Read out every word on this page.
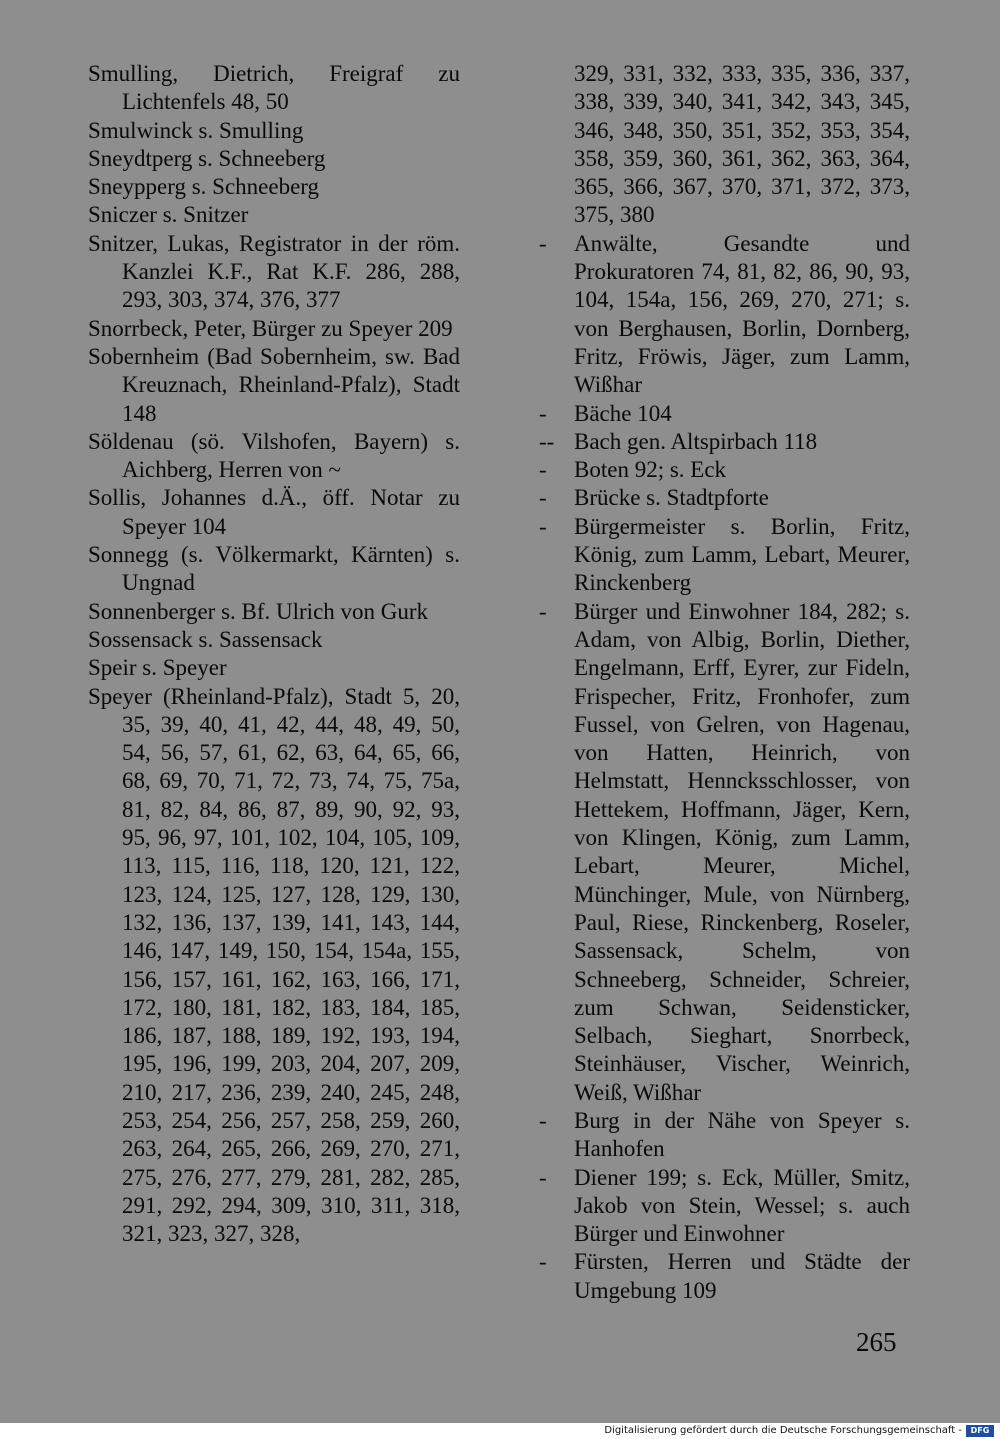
Smulling, Dietrich, Freigraf zu Lichtenfels 48, 50

Smulwinck s. Smulling

Sneydtperg s. Schneeberg

Sneypperg s. Schneeberg

Sniczer s. Snitzer

Snitzer, Lukas, Registrator in der röm. Kanzlei K.F., Rat K.F. 286, 288, 293, 303, 374, 376, 377

Snorrbeck, Peter, Bürger zu Speyer 209

Sobernheim (Bad Sobernheim, sw. Bad Kreuznach, Rheinland-Pfalz), Stadt 148

Söldenau (sö. Vilshofen, Bayern) s. Aichberg, Herren von ~

Sollis, Johannes d.Ä., öff. Notar zu Speyer 104

Sonnegg (s. Völkermarkt, Kärnten) s. Ungnad

Sonnenberger s. Bf. Ulrich von Gurk

Sossensack s. Sassensack

Speir s. Speyer

Speyer (Rheinland-Pfalz), Stadt 5, 20, 35, 39, 40, 41, 42, 44, 48, 49, 50, 54, 56, 57, 61, 62, 63, 64, 65, 66, 68, 69, 70, 71, 72, 73, 74, 75, 75a, 81, 82, 84, 86, 87, 89, 90, 92, 93, 95, 96, 97, 101, 102, 104, 105, 109, 113, 115, 116, 118, 120, 121, 122, 123, 124, 125, 127, 128, 129, 130, 132, 136, 137, 139, 141, 143, 144, 146, 147, 149, 150, 154, 154a, 155, 156, 157, 161, 162, 163, 166, 171, 172, 180, 181, 182, 183, 184, 185, 186, 187, 188, 189, 192, 193, 194, 195, 196, 199, 203, 204, 207, 209, 210, 217, 236, 239, 240, 245, 248, 253, 254, 256, 257, 258, 259, 260, 263, 264, 265, 266, 269, 270, 271, 275, 276, 277, 279, 281, 282, 285, 291, 292, 294, 309, 310, 311, 318, 321, 323, 327, 328,

329, 331, 332, 333, 335, 336, 337, 338, 339, 340, 341, 342, 343, 345, 346, 348, 350, 351, 352, 353, 354, 358, 359, 360, 361, 362, 363, 364, 365, 366, 367, 370, 371, 372, 373, 375, 380

-	Anwälte, Gesandte und Prokuratoren 74, 81, 82, 86, 90, 93, 104, 154a, 156, 269, 270, 271; s. von Berghausen, Borlin, Dornberg, Fritz, Fröwis, Jäger, zum Lamm, Wißhar

-	Bäche 104

-- Bach gen. Altspirbach 118

-	Boten 92; s. Eck

-	Brücke s. Stadtpforte

-	Bürgermeister s. Borlin, Fritz, König, zum Lamm, Lebart, Meurer, Rinckenberg

-	Bürger und Einwohner 184, 282; s. Adam, von Albig, Borlin, Diether, Engelmann, Erff, Eyrer, zur Fideln, Frispecher, Fritz, Fronhofer, zum Fussel, von Gelren, von Hagenau, von Hatten, Heinrich, von Helmstatt, Henncksschlosser, von Hettekem, Hoffmann, Jäger, Kern, von Klingen, König, zum Lamm, Lebart, Meurer, Michel, Münchinger, Mule, von Nürnberg, Paul, Riese, Rinckenberg, Roseler, Sassensack, Schelm, von Schneeberg, Schneider, Schreier, zum Schwan, Seidensticker, Selbach, Sieghart, Snorrbeck, Steinhäuser, Vischer, Weinrich, Weiß, Wißhar

-	Burg in der Nähe von Speyer s. Hanhofen

-	Diener 199; s. Eck, Müller, Smitz, Jakob von Stein, Wessel; s. auch Bürger und Einwohner

-	Fürsten, Herren und Städte der Umgebung 109

265
Digitalisierung gefördert durch die Deutsche Forschungsgemeinschaft -	DFG
